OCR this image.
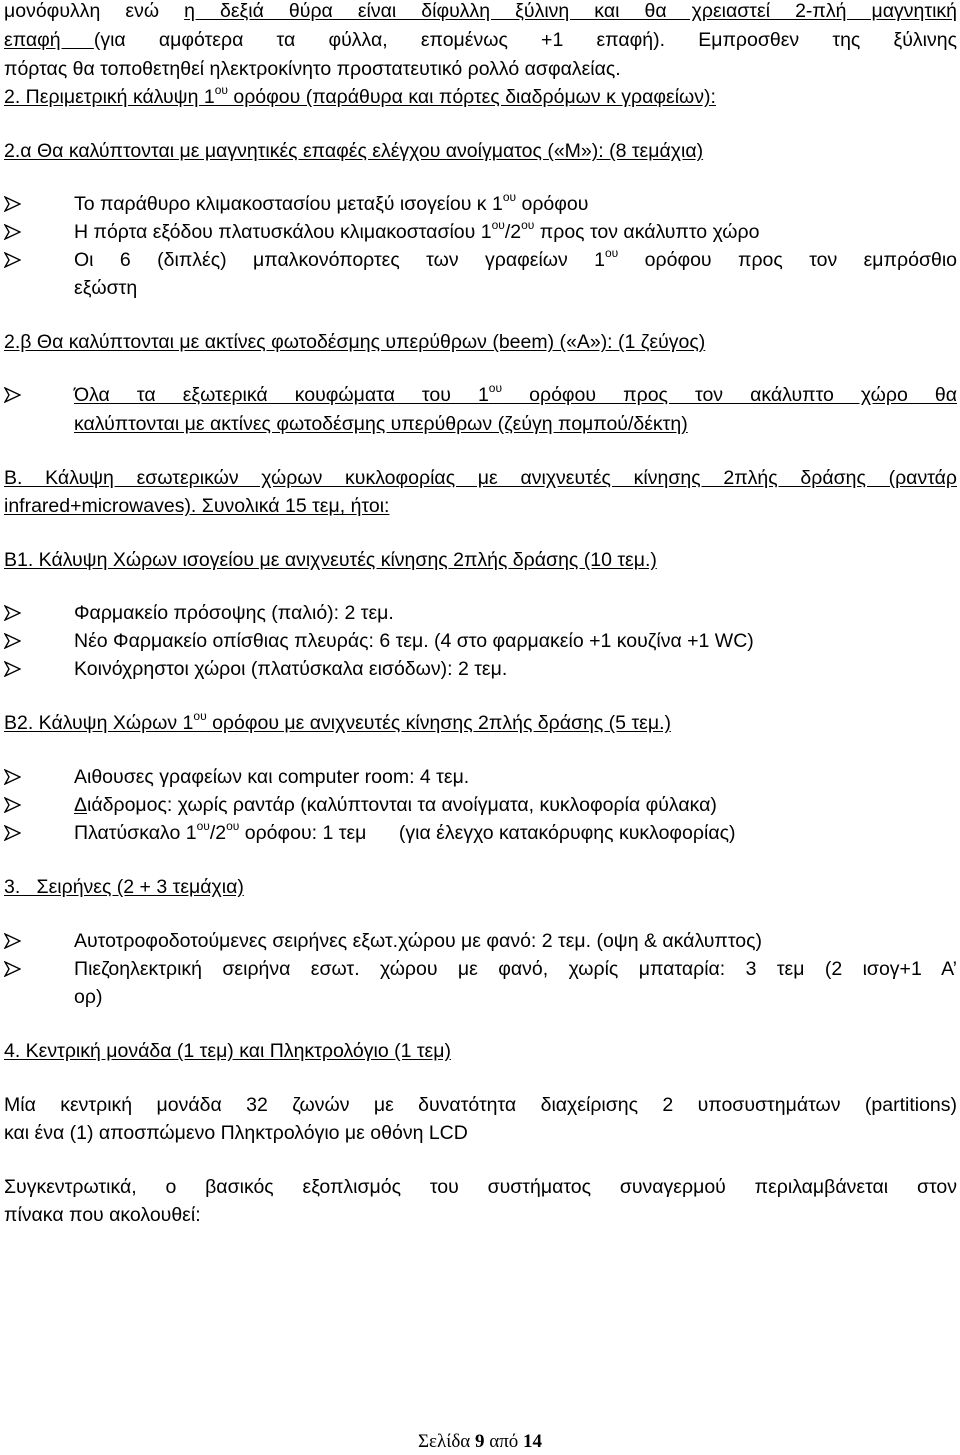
μονόφυλλη ενώ η δεξιά θύρα είναι δίφυλλη ξύλινη και θα χρειαστεί 2-πλή μαγνητική
επαφή (για αμφότερα τα φύλλα, επομένως +1 επαφή). Εμπροσθεν της ξύλινης
πόρτας θα τοποθετηθεί ηλεκτροκίνητο προστατευτικό ρολλό ασφαλείας.
2. Περιμετρική κάλυψη $1^{o\upsilon}$ ορόφου (παράθυρα και πόρτες διαδρόμων κ γραφείων):
2.α Θα καλύπτονται με μαγνητικές επαφές ελέγχου ανοίγματος («Μ»): (8 τεμάχια)
Το παράθυρο κλιμακοστασίου μεταξύ ισογείου κ $1^{o\upsilon}$ ορόφου
Η πόρτα εξόδου πλατυσκάλου κλιμακοστασίου $1^{o\upsilon}/2^{o\upsilon}$ προς τον ακάλυπτο χώρο
Οι 6 (διπλές) μπαλκονόπορτες των γραφείων $1^{o\upsilon}$ ορόφου προς τον εμπρόσθιο
εξώστη
2.β Θα καλύπτονται με ακτίνες φωτοδέσμης υπερύθρων (beem) («A»): (1 ζεύγος)
Όλα τα εξωτερικά κουφώματα του $1^{o\upsilon}$ ορόφου προς τον ακάλυπτο χώρο θα
καλύπτονται με ακτίνες φωτοδέσμης υπερύθρων (ζεύγη πομπού/δέκτη)
Β. Κάλυψη εσωτερικών χώρων κυκλοφορίας με ανιχνευτές κίνησης 2πλής δράσης (ραντάρ
infrared+microwaves). Συνολικά 15 τεμ, ήτοι:
Β1. Κάλυψη Χώρων ισογείου με ανιχνευτές κίνησης 2πλής δράσης (10 τεμ.)
Φαρμακείο πρόσοψης (παλιό): 2 τεμ.
Νέο Φαρμακείο οπίσθιας πλευράς: 6 τεμ. (4 στο φαρμακείο +1 κουζίνα +1 WC)
Κοινόχρηστοι χώροι (πλατύσκαλα εισόδων): 2 τεμ.
Β2. Κάλυψη Χώρων $1^{o\upsilon}$ ορόφου με ανιχνευτές κίνησης 2πλής δράσης (5 τεμ.)
Αιθουσες γραφείων και computer room: 4 τεμ.
Διάδρομος: χωρίς ραντάρ (καλύπτονται τα ανοίγματα, κυκλοφορία φύλακα)
Πλατύσκαλο $1^{o\upsilon}/2^{o\upsilon}$ ορόφου: 1 τεμ      (για έλεγχο κατακόρυφης κυκλοφορίας)
3.   Σειρήνες (2 + 3 τεμάχια)
Αυτοτροφοδοτούμενες σειρήνες εξωτ.χώρου με φανό: 2 τεμ. (οψη & ακάλυπτος)
Πιεζοηλεκτρική σειρήνα εσωτ. χώρου με φανό, χωρίς μπαταρία: 3 τεμ (2 ισογ+1 Α’
ορ)
4. Κεντρική μονάδα (1 τεμ) και Πληκτρολόγιο (1 τεμ)
Μία κεντρική μονάδα 32 ζωνών με δυνατότητα διαχείρισης 2 υποσυστημάτων (partitions)
και ένα (1) αποσπώμενο Πληκτρολόγιο με οθόνη LCD
Συγκεντρωτικά, ο βασικός εξοπλισμός του συστήματος συναγερμού περιλαμβάνεται στον
πίνακα που ακολουθεί:
Σελίδα 9 από 14
